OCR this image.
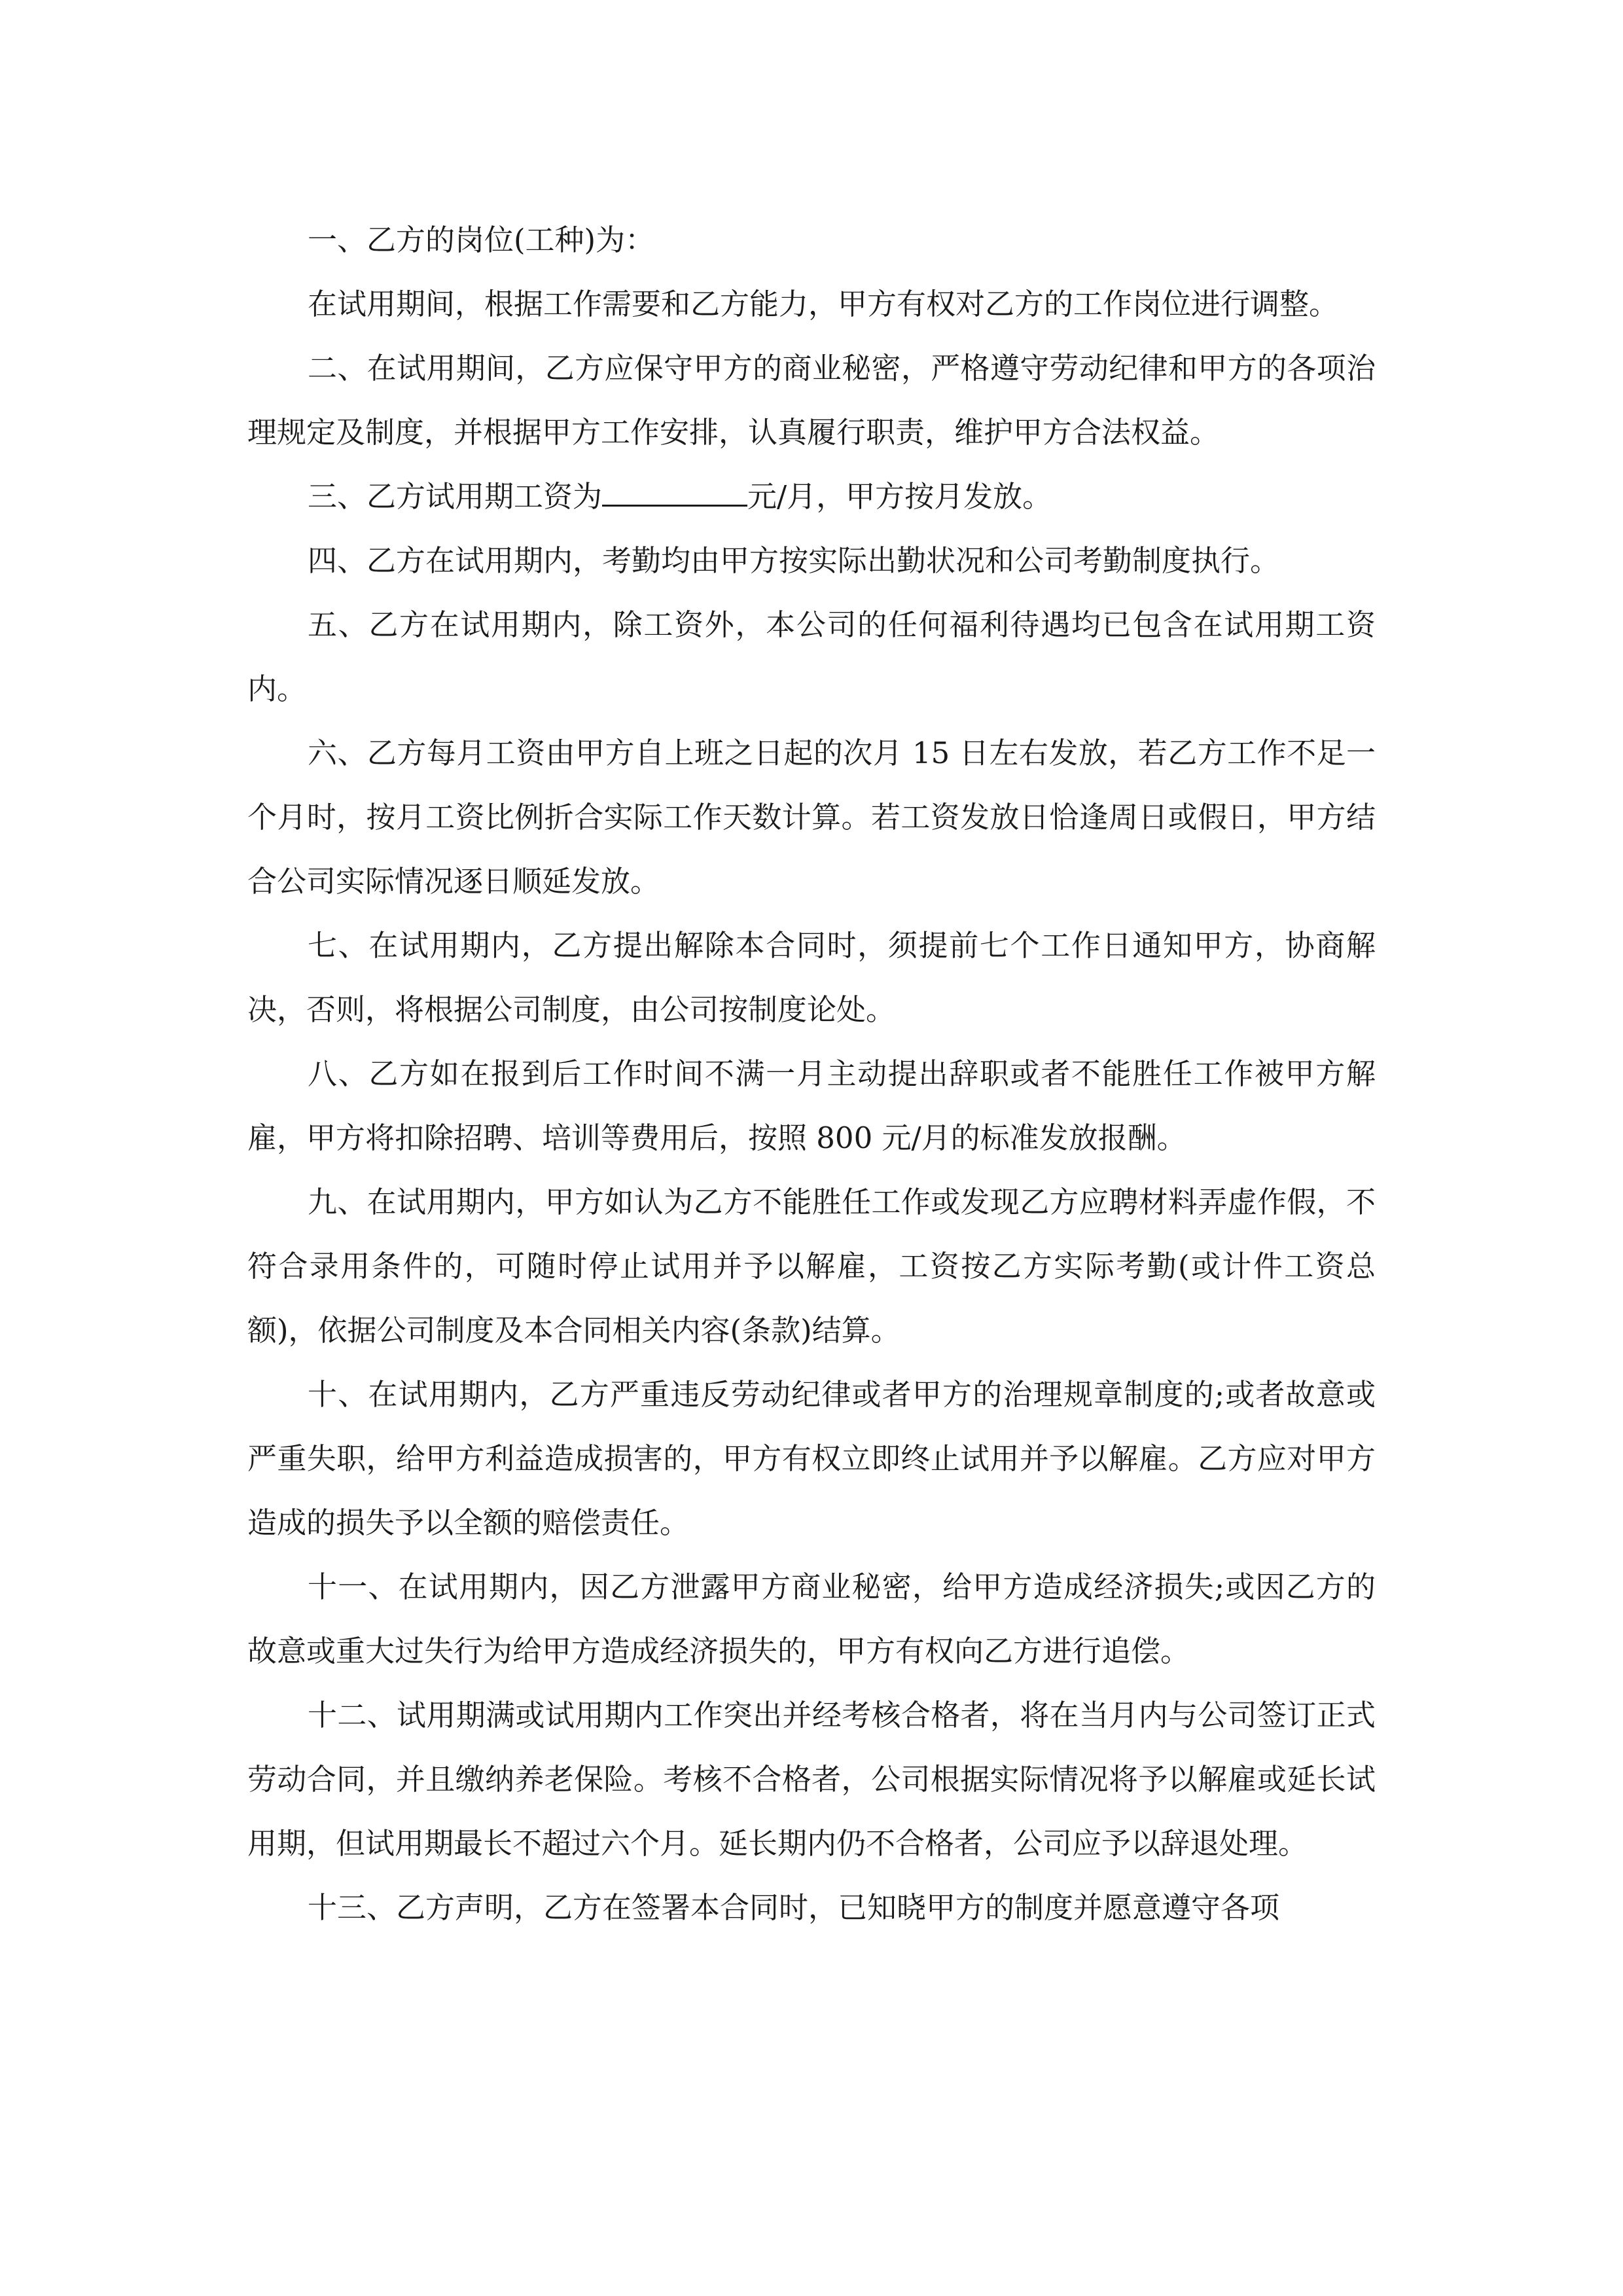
一、乙方的岗位(工种)为：

在试用期间，根据工作需要和乙方能力，甲方有权对乙方的工作岗位进行调整。

二、在试用期间，乙方应保守甲方的商业秘密，严格遵守劳动纪律和甲方的各项治理规定及制度，并根据甲方工作安排，认真履行职责，维护甲方合法权益。

三、乙方试用期工资为	元/月，甲方按月发放。

四、乙方在试用期内，考勤均由甲方按实际出勤状况和公司考勤制度执行。

五、乙方在试用期内，除工资外，本公司的任何福利待遇均已包含在试用期工资内。

六、乙方每月工资由甲方自上班之日起的次月 15 日左右发放，若乙方工作不足一个月时，按月工资比例折合实际工作天数计算。若工资发放日恰逢周日或假日，甲方结合公司实际情况逐日顺延发放。

七、在试用期内，乙方提出解除本合同时，须提前七个工作日通知甲方，协商解决，否则，将根据公司制度，由公司按制度论处。

八、乙方如在报到后工作时间不满一月主动提出辞职或者不能胜任工作被甲方解雇，甲方将扣除招聘、培训等费用后，按照 800 元/月的标准发放报酬。

九、在试用期内，甲方如认为乙方不能胜任工作或发现乙方应聘材料弄虚作假，不符合录用条件的，可随时停止试用并予以解雇，工资按乙方实际考勤(或计件工资总额)，依据公司制度及本合同相关内容(条款)结算。

十、在试用期内，乙方严重违反劳动纪律或者甲方的治理规章制度的;或者故意或严重失职，给甲方利益造成损害的，甲方有权立即终止试用并予以解雇。乙方应对甲方造成的损失予以全额的赔偿责任。

十一、在试用期内，因乙方泄露甲方商业秘密，给甲方造成经济损失;或因乙方的故意或重大过失行为给甲方造成经济损失的，甲方有权向乙方进行追偿。

十二、试用期满或试用期内工作突出并经考核合格者，将在当月内与公司签订正式劳动合同，并且缴纳养老保险。考核不合格者，公司根据实际情况将予以解雇或延长试用期，但试用期最长不超过六个月。延长期内仍不合格者，公司应予以辞退处理。

十三、乙方声明，乙方在签署本合同时，已知晓甲方的制度并愿意遵守各项
